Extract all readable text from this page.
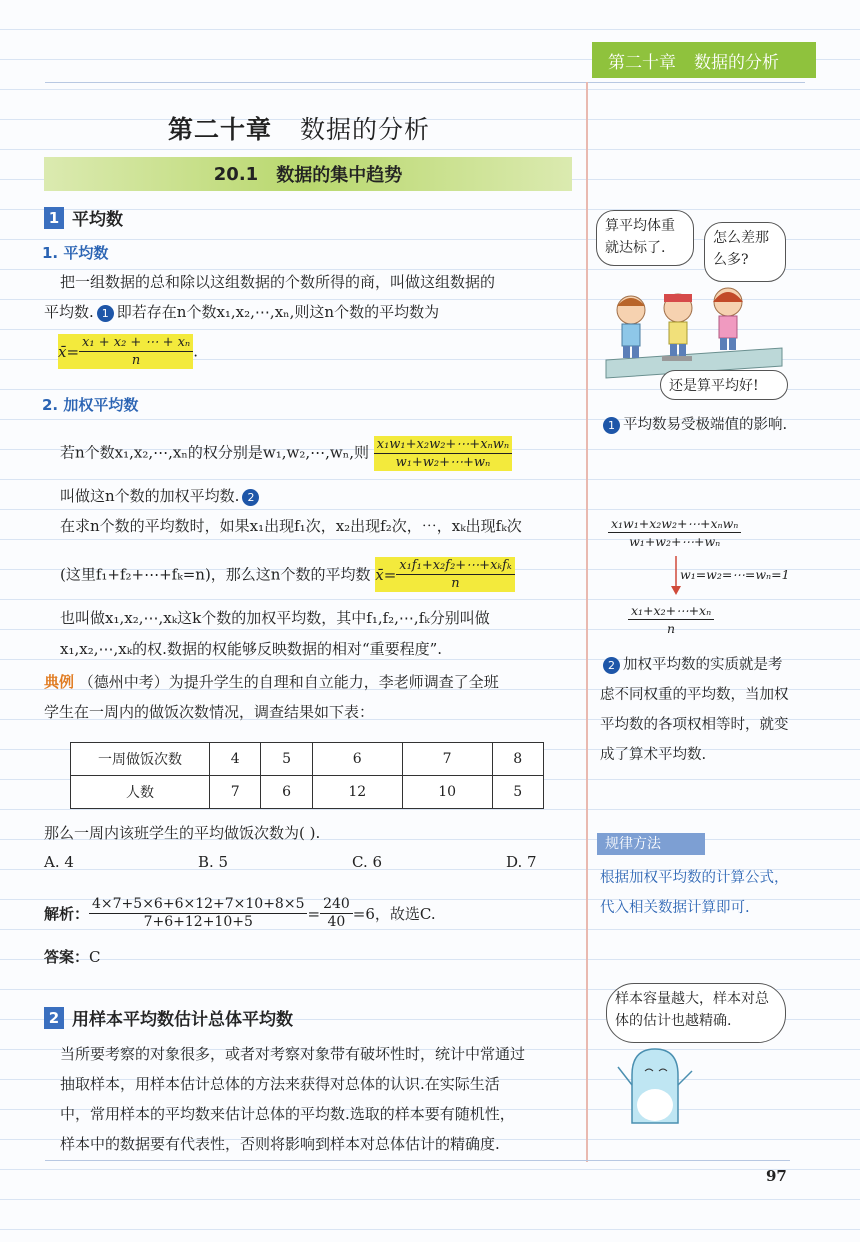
第二十章 数据的分析
第二十章 数据的分析
20.1 数据的集中趋势
1 平均数
1. 平均数
把一组数据的总和除以这组数据的个数所得的商，叫做这组数据的
平均数. 1 即若存在n个数x₁,x₂,⋯,xₙ,则这n个数的平均数为
x̄= $\frac{\text{x₁ + x₂ + ⋯ + xₙ}}{n}$ .
2. 加权平均数
若n个数x₁,x₂,⋯,xₙ的权分别是w₁,w₂,⋯,wₙ,则 $\frac{\text{x₁w₁+x₂w₂+⋯+xₙwₙ}}{\text{w₁+w₂+⋯+wₙ}}$
叫做这n个数的加权平均数. 2
在求n个数的平均数时，如果x₁出现f₁次，x₂出现f₂次，⋯，xₖ出现fₖ次
(这里f₁+f₂+⋯+fₖ=n)，那么这n个数的平均数 x̄= $\frac{\text{x₁f₁+x₂f₂+⋯+xₖfₖ}}{n}$
也叫做x₁,x₂,⋯,xₖ这k个数的加权平均数，其中f₁,f₂,⋯,fₖ分别叫做
x₁,x₂,⋯,xₖ的权.数据的权能够反映数据的相对“重要程度”.
典例 （德州中考）为提升学生的自理和自立能力，李老师调查了全班
学生在一周内的做饭次数情况，调查结果如下表：
一周做饭次数	4	5	6	7	8
人数	7	6	12	10	5
那么一周内该班学生的平均做饭次数为( ).
A. 4	B. 5	C. 6	D. 7
解析： $\frac{4\times 7+5\times 6+6\times 12+7\times 10+8\times 5}{7+6+12+10+5} = \frac{240}{40} =6$，故选C.
答案：C
2 用样本平均数估计总体平均数
当所要考察的对象很多，或者对考察对象带有破坏性时，统计中常通过
抽取样本，用样本估计总体的方法来获得对总体的认识.在实际生活
中，常用样本的平均数来估计总体的平均数.选取的样本要有随机性，
样本中的数据要有代表性，否则将影响到样本对总体估计的精确度.
算平均体重就达标了.
怎么差那么多?
还是算平均好!
1 平均数易受极端值的影响.
x₁w₁+x₂w₂+⋯+xₙwₙ
w₁+w₂+⋯+wₙ
w₁=w₂=⋯=wₙ=1
$\frac{\text{x₁+x₂+⋯+xₙ}}{n}$
2 加权平均数的实质就是考虑不同权重的平均数，当加权平均数的各项权相等时，就变成了算术平均数.
规律方法
根据加权平均数的计算公式，代入相关数据计算即可.
样本容量越大，样本对总体的估计也越精确.
97
